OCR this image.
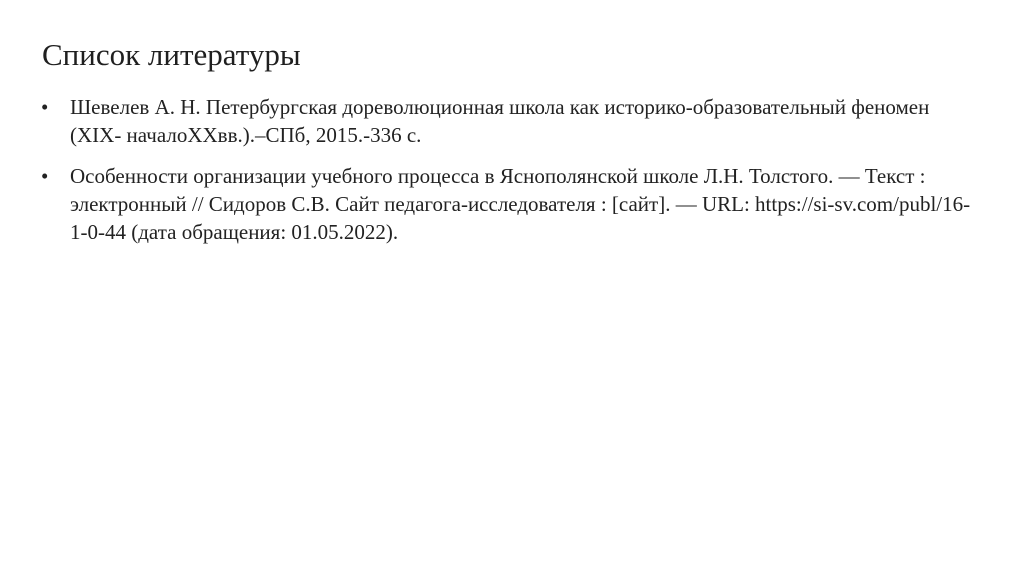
Список литературы
•	Шевелев А. Н. Петербургская дореволюционная школа как историко-образовательный феномен (XIX- началоXXвв.).–СПб, 2015.-336 с.
•	Особенности организации учебного процесса в Яснополянской школе Л.Н. Толстого. — Текст : электронный // Сидоров С.В. Сайт педагога-исследователя : [сайт]. — URL: https://si-sv.com/publ/16-1-0-44 (дата обращения: 01.05.2022).
